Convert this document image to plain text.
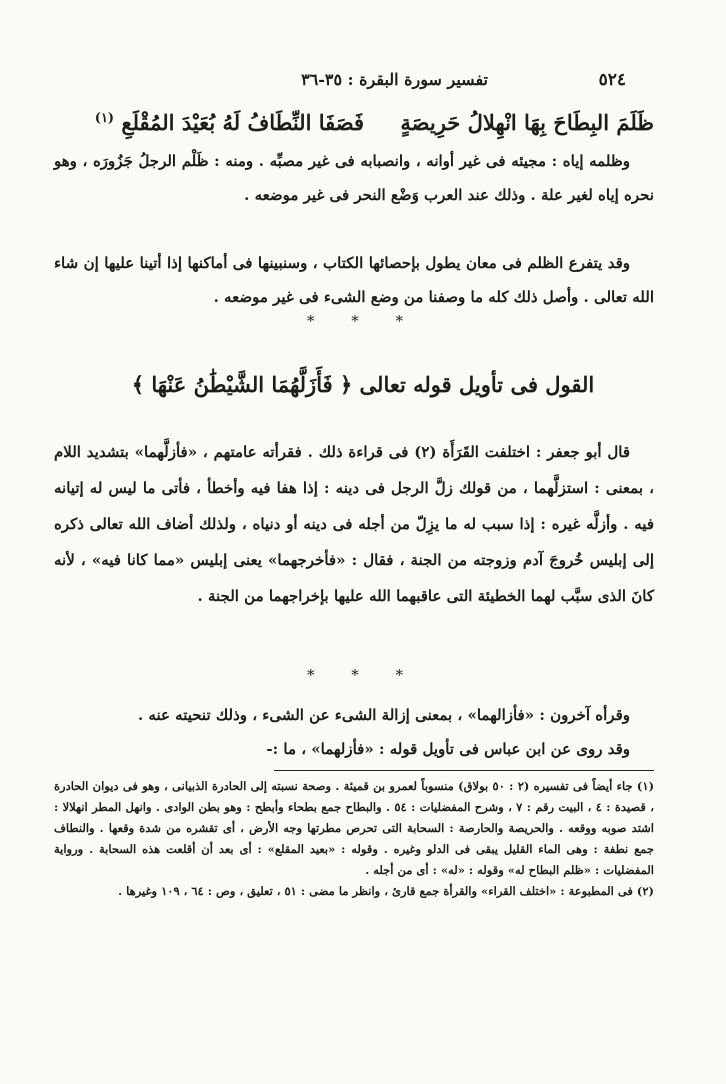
٥٢٤
تفسير سورة البقرة : ٣٥-٣٦
ظَلَمَ البِطَاحَ بِهَا انْهِلالُ حَرِيصَةٍ
فَصَفَا النِّطَافُ لَهُ بُعَيْدَ المُقْلَعِ $^{(١)}$
وظلمه إياه : مجيئه فى غير أوانه ، وانصبابه فى غير مصبِّه . ومنه : ظَلْم الرجلُ جَزُورَه ، وهو نحره إياه لغير علة . وذلك عند العرب وَضْع النحر فى غير موضعه .
وقد يتفرع الظلم فى معان يطول بإحصائها الكتاب ، وسنبينها فى أماكنها إذا أتينا عليها إن شاء الله تعالى . وأصل ذلك كله ما وصفنا من وضع الشىء فى غير موضعه .
* * *
القول فى تأويل قوله تعالى ﴿ فَأَزَلَّهُمَا الشَّيْطَٰنُ عَنْهَا ﴾
قال أبو جعفر : اختلفت القَرَأَة (٢) فى قراءة ذلك . فقرأته عامتهم ، «فأزلَّهما» بتشديد اللام ، بمعنى : استزلَّهما ، من قولك زلَّ الرجل فى دينه : إذا هفا فيه وأخطأ ، فأتى ما ليس له إتيانه فيه . وأزلَّه غيره : إذا سبب له ما يزِلّ من أجله فى دينه أو دنياه ، ولذلك أضاف الله تعالى ذكره إلى إبليس خُروجَ آدم وزوجته من الجنة ، فقال : «فأخرجهما» يعنى إبليس «مما كانا فيه» ، لأنه كانَ الذى سبَّب لهما الخطيئة التى عاقبهما الله عليها بإخراجهما من الجنة .
* * *
وقرأه آخرون : «فأزالهما» ، بمعنى إزالة الشىء عن الشىء ، وذلك تنحيته عنه .
وقد روى عن ابن عباس فى تأويل قوله : «فأزلهما» ، ما :-

(١) جاء أيضاً فى تفسيره (٢ : ٥٠ بولاق) منسوباً لعمرو بن قميئة . وصحة نسبته إلى الحادرة الذبيانى ، وهو فى ديوان الحادرة ، قصيدة : ٤ ، البيت رقم : ٧ ، وشرح المفضليات : ٥٤ . والبطاح جمع بطحاء وأبطح : وهو بطن الوادى . وانهل المطر انهلالا : اشتد صوبه ووقعه . والحريصة والحارصة : السحابة التى تحرص مطرتها وجه الأرض ، أى تقشره من شدة وقعها . والنطاف جمع نطفة : وهى الماء القليل يبقى فى الدلو وغيره . وقوله : «بعيد المقلع» : أى بعد أن أقلعت هذه السحابة . ورواية المفضليات : «ظلم البطاح له» وقوله : «له» : أى من أجله .

(٢) فى المطبوعة : «اختلف القراء» والقرأة جمع قارئ ، وانظر ما مضى : ٥١ ، تعليق ، وص : ٦٤ ، ١٠٩ وغيرها .
